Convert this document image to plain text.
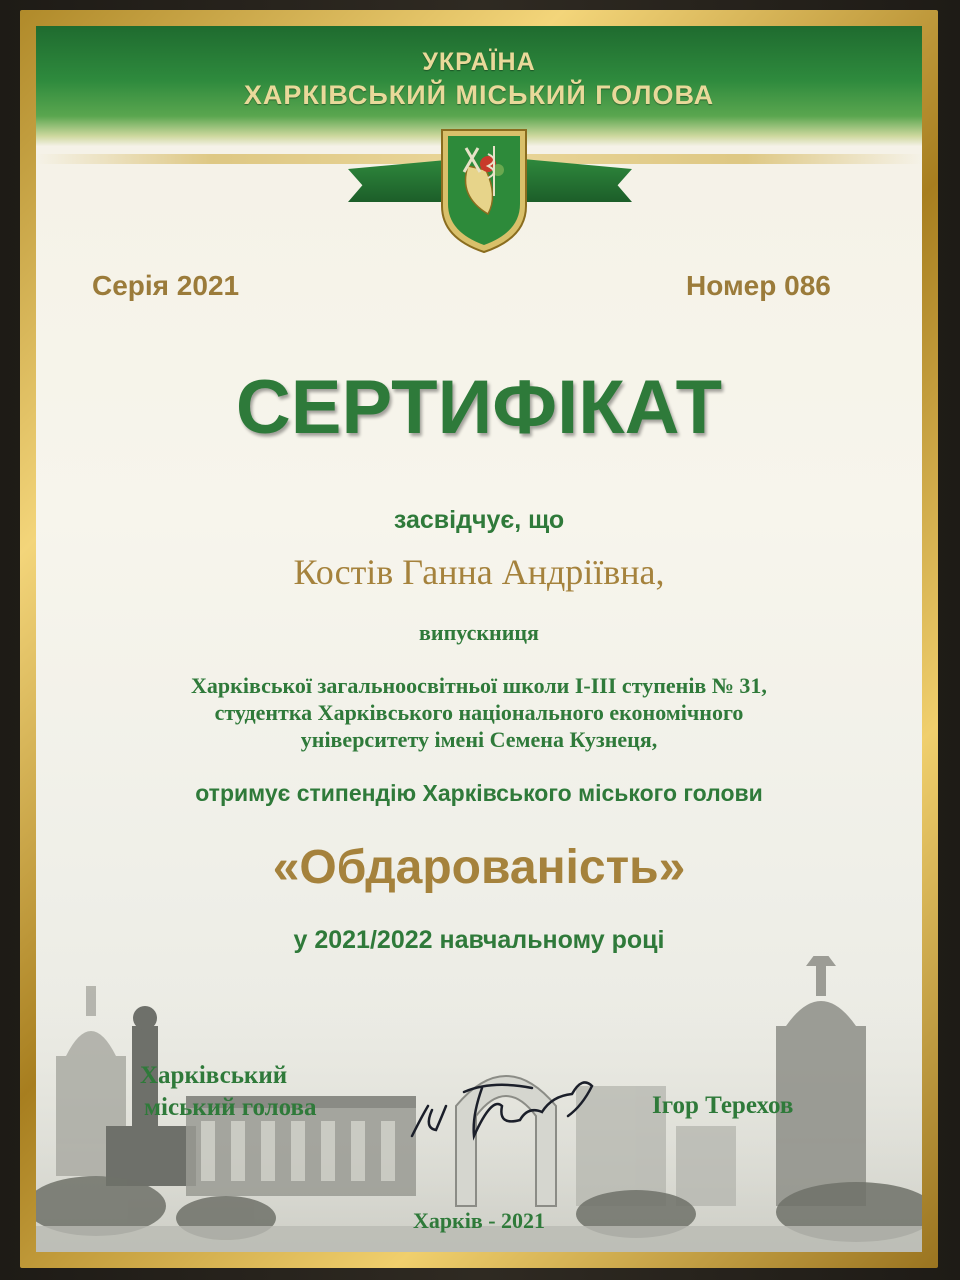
УКРАЇНА
ХАРКІВСЬКИЙ МІСЬКИЙ ГОЛОВА
Серія 2021	Номер 086
СЕРТИФІКАТ
засвідчує, що
Костів Ганна Андріївна,
випускниця
Харківської загальноосвітньої школи І-ІІІ ступенів № 31,
студентка Харківського національного економічного
університету імені Семена Кузнеця,
отримує стипендію Харківського міського голови
«Обдарованість»
у 2021/2022 навчальному році
Харківський
міський голова	Ігор Терехов
Харків - 2021
